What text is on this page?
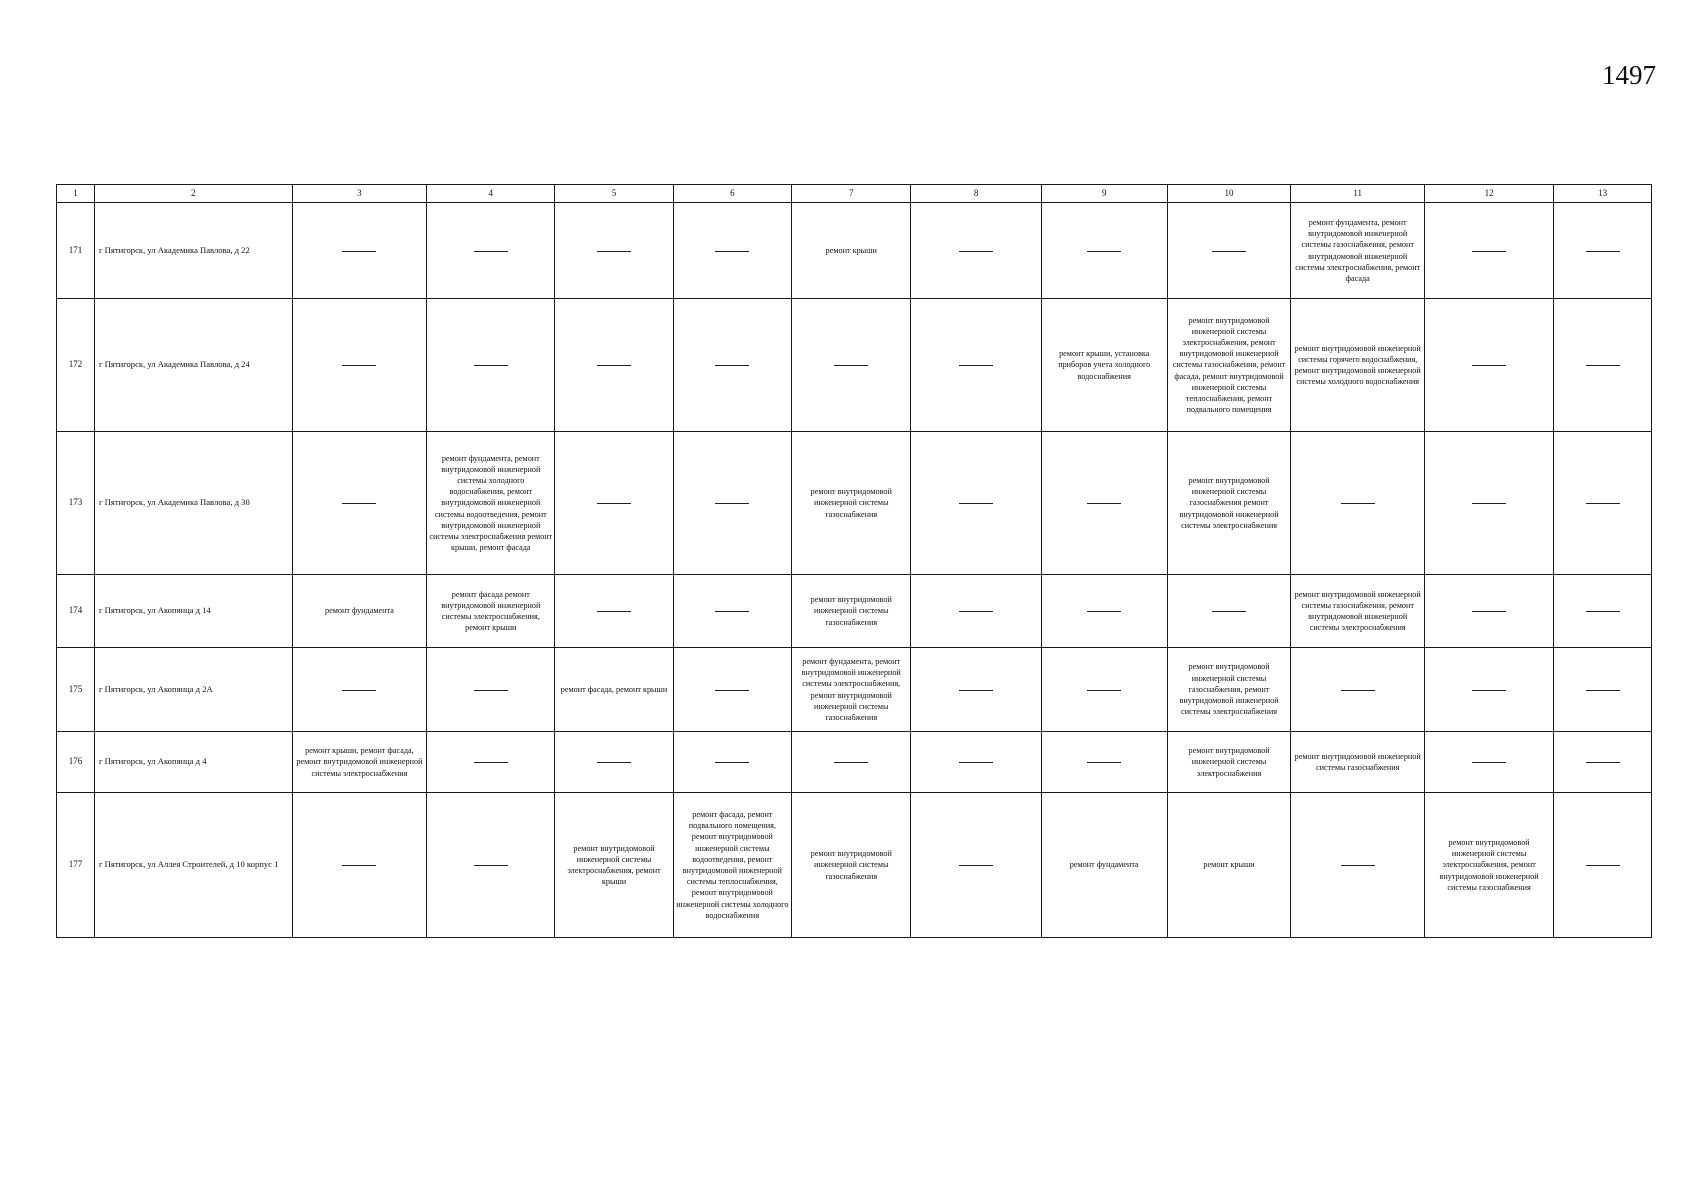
1497
1	2	3	4	5	6	7	8	9	10	11	12	13
171	г Пятигорск, ул Академика Павлова, д 22					ремонт крыши				ремонт фундамента, ремонт внутридомовой инженерной системы газоснабжения, ремонт внутридомовой инженерной системы электроснабжения, ремонт фасада		
172	г Пятигорск, ул Академика Павлова, д 24							ремонт крыши, установка приборов учета холодного водоснабжения	ремонт внутридомовой инженерной системы электроснабжения, ремонт внутридомовой инженерной системы газоснабжения, ремонт фасада, ремонт внутридомовой инженерной системы теплоснабжения, ремонт подвального помещения	ремонт внутридомовой инженерной системы горячего водоснабжения, ремонт внутридомовой инженерной системы холодного водоснабжения		
173	г Пятигорск, ул Академика Павлова, д 30		ремонт фундамента, ремонт внутридомовой инженерной системы холодного водоснабжения, ремонт внутридомовой инженерной системы водоотведения, ремонт внутридомовой инженерной системы электроснабжения ремонт крыши, ремонт фасада			ремонт внутридомовой инженерной системы газоснабжения			ремонт внутридомовой инженерной системы газоснабжения ремонт внутридомовой инженерной системы электроснабжения			
174	г Пятигорск, ул Акопянца д 14	ремонт фундамента	ремонт фасада ремонт внутридомовой инженерной системы электроснабжения, ремонт крыши			ремонт внутридомовой инженерной системы газоснабжения				ремонт внутридомовой инженерной системы газоснабжения, ремонт внутридомовой инженерной системы электроснабжения		
175	г Пятигорск, ул Акопянца д 2А			ремонт фасада, ремонт крыши		ремонт фундамента, ремонт внутридомовой инженерной системы электроснабжения, ремонт внутридомовой инженерной системы газоснабжения			ремонт внутридомовой инженерной системы газоснабжения, ремонт внутридомовой инженерной системы электроснабжения			
176	г Пятигорск, ул Акопянца д 4	ремонт крыши, ремонт фасада, ремонт внутридомовой инженерной системы электроснабжения							ремонт внутридомовой инженерной системы электроснабжения	ремонт внутридомовой инженерной системы газоснабжения		
177	г Пятигорск, ул Аллея Строителей, д 10 корпус 1			ремонт внутридомовой инженерной системы электроснабжения, ремонт крыши	ремонт фасада, ремонт подвального помещения, ремонт внутридомовой инженерной системы водоотведения, ремонт внутридомовой инженерной системы теплоснабжения, ремонт внутридомовой инженерной системы холодного водоснабжения	ремонт внутридомовой инженерной системы газоснабжения		ремонт фундамента	ремонт крыши		ремонт внутридомовой инженерной системы электроснабжения, ремонт внутридомовой инженерной системы газоснабжения	
